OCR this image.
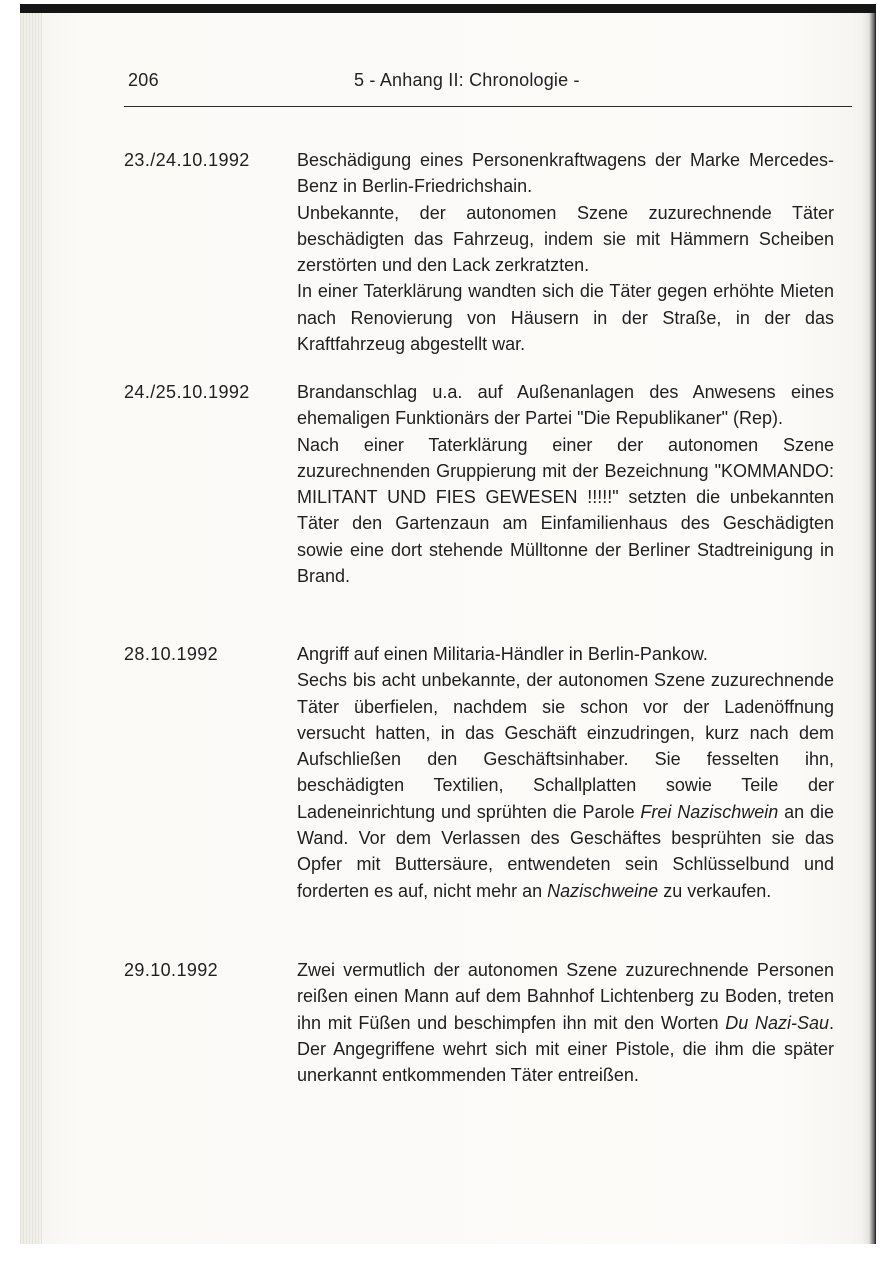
206	5 - Anhang II: Chronologie -
23./24.10.1992	Beschädigung eines Personenkraftwagens der Marke Mercedes-Benz in Berlin-Friedrichshain.

Unbekannte, der autonomen Szene zuzurechnende Täter beschädigten das Fahrzeug, indem sie mit Hämmern Scheiben zerstörten und den Lack zerkratzten.

In einer Taterklärung wandten sich die Täter gegen erhöhte Mieten nach Renovierung von Häusern in der Straße, in der das Kraftfahrzeug abgestellt war.

24./25.10.1992	Brandanschlag u.a. auf Außenanlagen des Anwesens eines ehemaligen Funktionärs der Partei "Die Republikaner" (Rep).

Nach einer Taterklärung einer der autonomen Szene zuzurechnenden Gruppierung mit der Bezeichnung "KOMMANDO: MILITANT UND FIES GEWESEN !!!!!" setzten die unbekannten Täter den Gartenzaun am Einfamilienhaus des Geschädigten sowie eine dort stehende Mülltonne der Berliner Stadtreinigung in Brand.

28.10.1992	Angriff auf einen Militaria-Händler in Berlin-Pankow.

Sechs bis acht unbekannte, der autonomen Szene zuzurechnende Täter überfielen, nachdem sie schon vor der Ladenöffnung versucht hatten, in das Geschäft einzudringen, kurz nach dem Aufschließen den Geschäftsinhaber. Sie fesselten ihn, beschädigten Textilien, Schallplatten sowie Teile der Ladeneinrichtung und sprühten die Parole Frei Nazischwein an die Wand. Vor dem Verlassen des Geschäftes besprühten sie das Opfer mit Buttersäure, entwendeten sein Schlüsselbund und forderten es auf, nicht mehr an Nazischweine zu verkaufen.

29.10.1992	Zwei vermutlich der autonomen Szene zuzurechnende Personen reißen einen Mann auf dem Bahnhof Lichtenberg zu Boden, treten ihn mit Füßen und beschimpfen ihn mit den Worten Du Nazi-Sau. Der Angegriffene wehrt sich mit einer Pistole, die ihm die später unerkannt entkommenden Täter entreißen.
